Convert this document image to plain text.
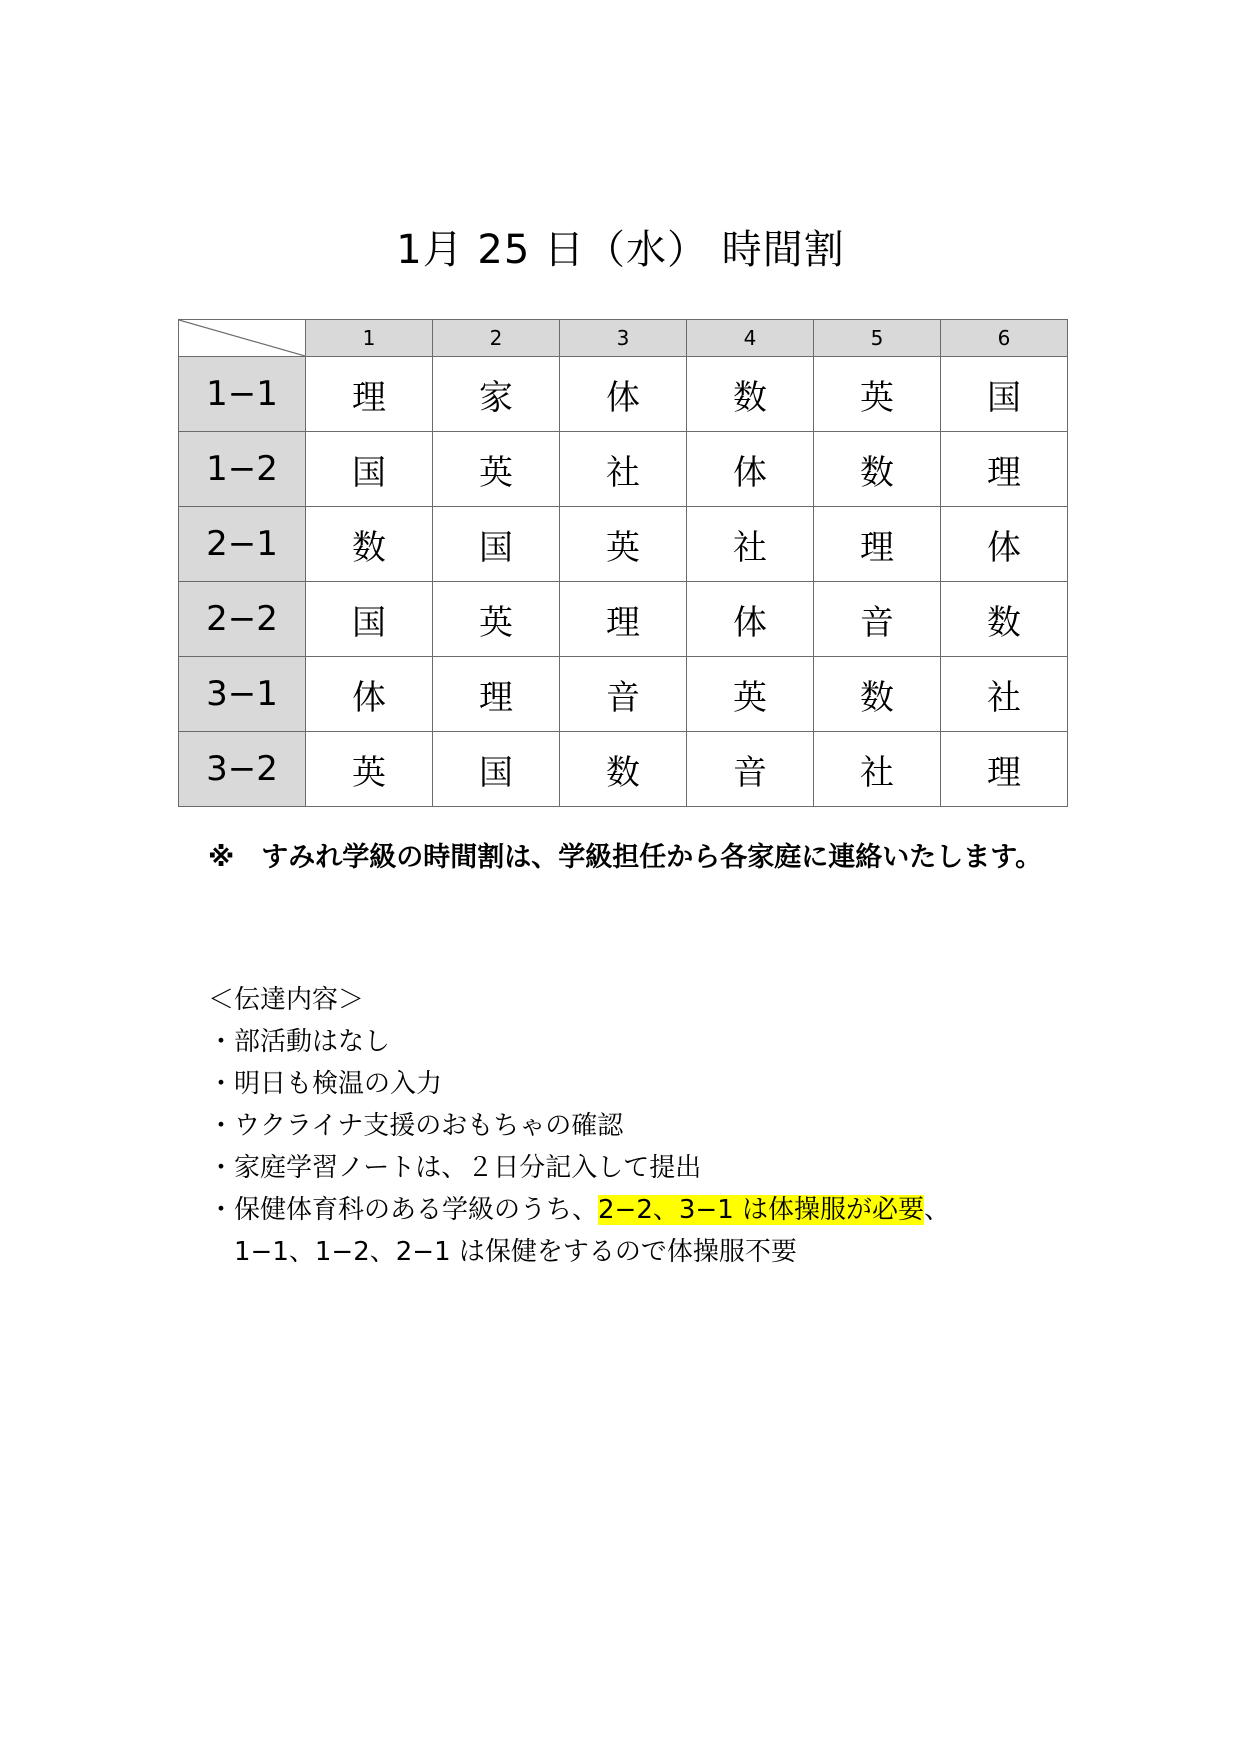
1月 25 日（水） 時間割
	1	2	3	4	5	6
1−1	理	家	体	数	英	国
1−2	国	英	社	体	数	理
2−1	数	国	英	社	理	体
2−2	国	英	理	体	音	数
3−1	体	理	音	英	数	社
3−2	英	国	数	音	社	理
※　すみれ学級の時間割は、学級担任から各家庭に連絡いたします。
＜伝達内容＞
・部活動はなし
・明日も検温の入力
・ウクライナ支援のおもちゃの確認
・家庭学習ノートは、２日分記入して提出
・保健体育科のある学級のうち、2−2、3−1 は体操服が必要、
　1−1、1−2、2−1 は保健をするので体操服不要
